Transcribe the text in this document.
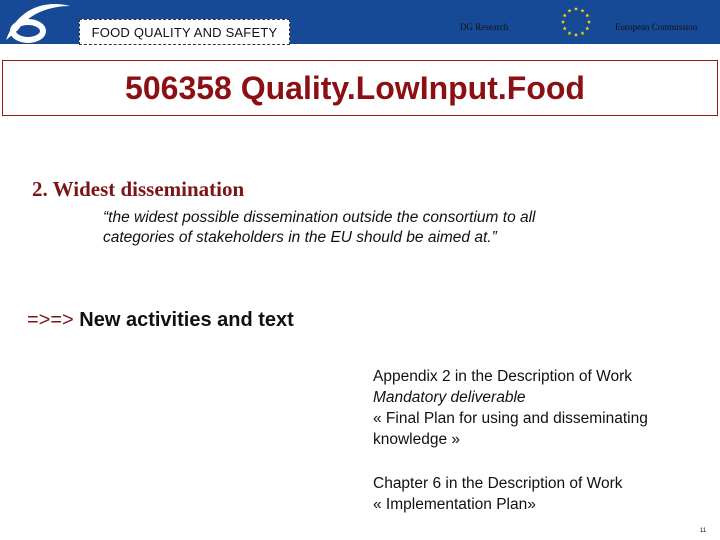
FOOD QUALITY AND SAFETY	DG Research	European Commission
506358 Quality.LowInput.Food
2. Widest dissemination
“the widest possible dissemination outside the consortium to all
categories of stakeholders in the EU should be aimed at.”
=>=> New activities and text
Appendix 2 in the Description of Work
Mandatory deliverable
« Final Plan for using and disseminating
knowledge »
Chapter 6 in the Description of Work
« Implementation Plan»
11
